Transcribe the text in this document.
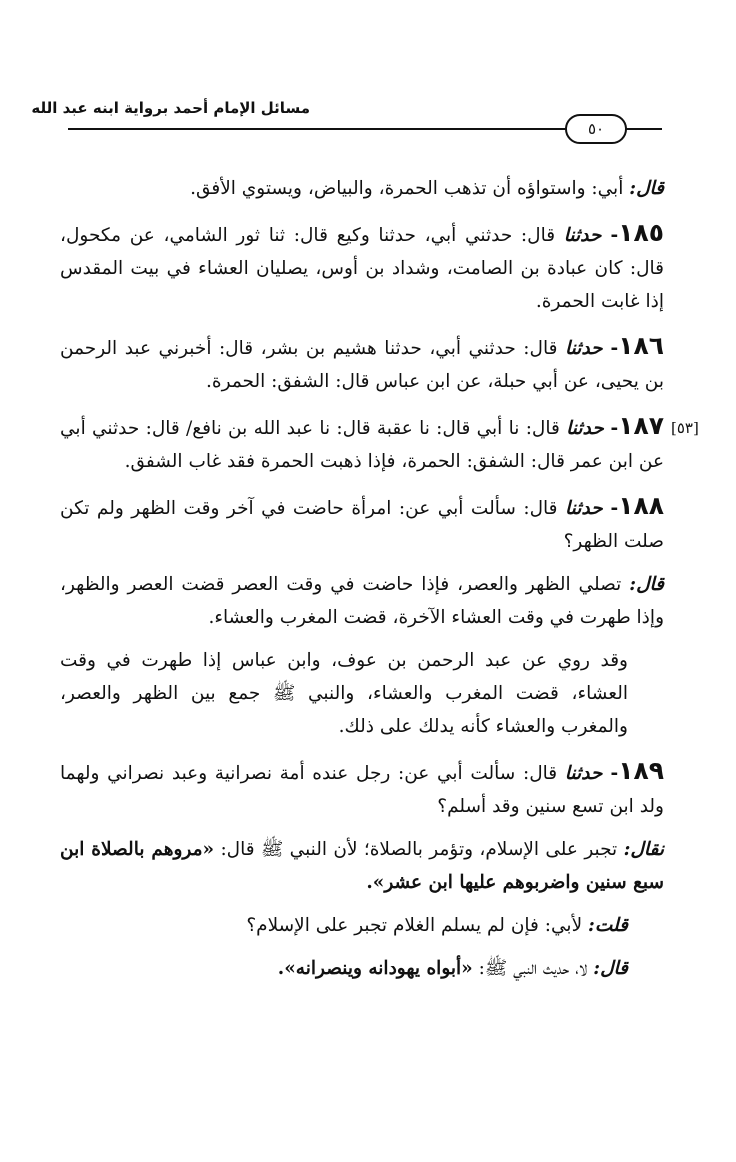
مسائل الإمام أحمد برواية ابنه عبد الله
٥٠
[٥٣]

قال: أبي: واستواؤه أن تذهب الحمرة، والبياض، ويستوي الأفق.

١٨٥- حدثنا قال: حدثني أبي، حدثنا وكيع قال: ثنا ثور الشامي، عن مكحول، قال: كان عبادة بن الصامت، وشداد بن أوس، يصليان العشاء في بيت المقدس إذا غابت الحمرة.

١٨٦- حدثنا قال: حدثني أبي، حدثنا هشيم بن بشر، قال: أخبرني عبد الرحمن بن يحيى، عن أبي حبلة، عن ابن عباس قال: الشفق: الحمرة.

١٨٧- حدثنا قال: نا أبي قال: نا عقبة قال: نا عبد الله بن نافع/ قال: حدثني أبي عن ابن عمر قال: الشفق: الحمرة، فإذا ذهبت الحمرة فقد غاب الشفق.

١٨٨- حدثنا قال: سألت أبي عن: امرأة حاضت في آخر وقت الظهر ولم تكن صلت الظهر؟

قال: تصلي الظهر والعصر، فإذا حاضت في وقت العصر قضت العصر والظهر، وإذا طهرت في وقت العشاء الآخرة، قضت المغرب والعشاء.

وقد روي عن عبد الرحمن بن عوف، وابن عباس إذا طهرت في وقت العشاء، قضت المغرب والعشاء، والنبي ﷺ جمع بين الظهر والعصر، والمغرب والعشاء كأنه يدلك على ذلك.

١٨٩- حدثنا قال: سألت أبي عن: رجل عنده أمة نصرانية وعبد نصراني ولهما ولد ابن تسع سنين وقد أسلم؟

نقال: تجبر على الإسلام، وتؤمر بالصلاة؛ لأن النبي ﷺ قال: «مروهم بالصلاة ابن سبع سنين واضربوهم عليها ابن عشر».

قلت: لأبي: فإن لم يسلم الغلام تجبر على الإسلام؟

قال: لا، حديث النبي ﷺ: «أبواه يهودانه وينصرانه».
